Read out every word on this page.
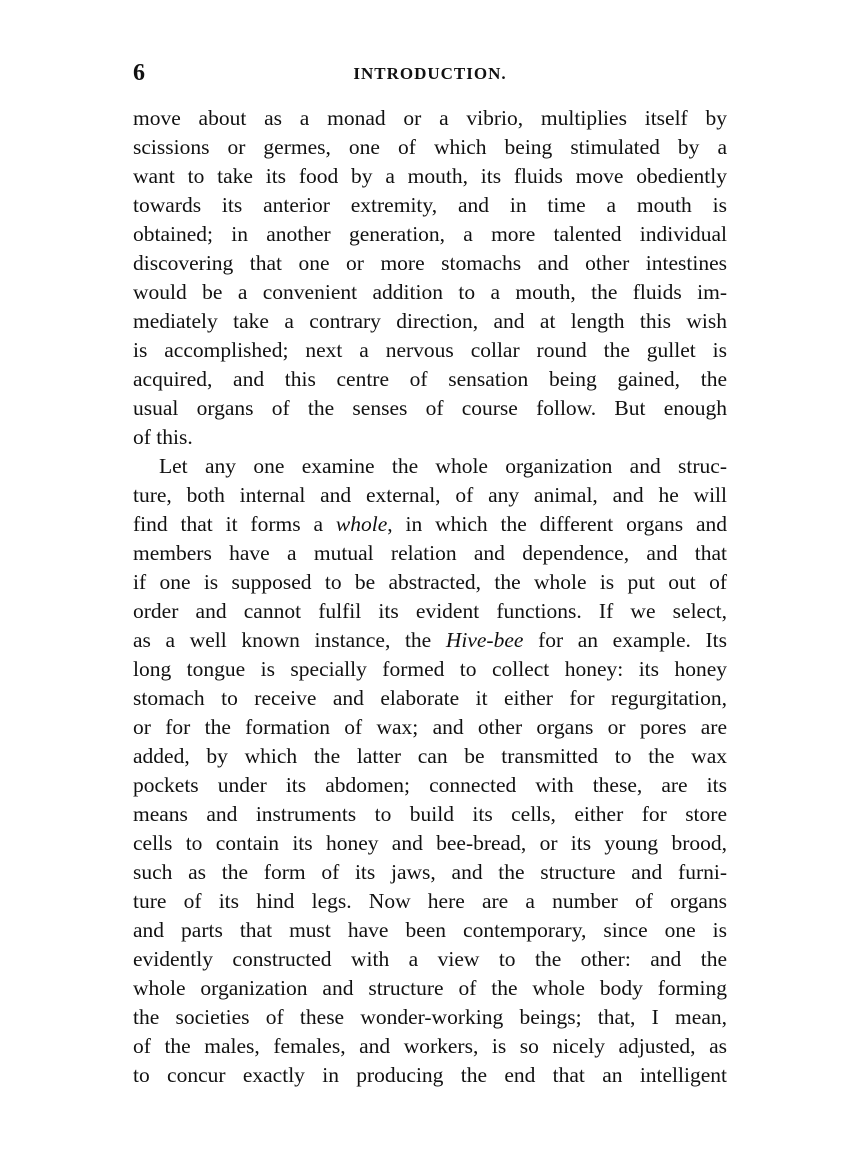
6	INTRODUCTION.
move about as a monad or a vibrio, multiplies itself by
scissions or germes, one of which being stimulated by a
want to take its food by a mouth, its fluids move obediently
towards its anterior extremity, and in time a mouth is
obtained; in another generation, a more talented individual
discovering that one or more stomachs and other intestines
would be a convenient addition to a mouth, the fluids im-
mediately take a contrary direction, and at length this wish
is accomplished; next a nervous collar round the gullet is
acquired, and this centre of sensation being gained, the
usual organs of the senses of course follow. But enough
of this.
Let any one examine the whole organization and struc-
ture, both internal and external, of any animal, and he will
find that it forms a whole, in which the different organs and
members have a mutual relation and dependence, and that
if one is supposed to be abstracted, the whole is put out of
order and cannot fulfil its evident functions. If we select,
as a well known instance, the Hive-bee for an example. Its
long tongue is specially formed to collect honey: its honey
stomach to receive and elaborate it either for regurgitation,
or for the formation of wax; and other organs or pores are
added, by which the latter can be transmitted to the wax
pockets under its abdomen; connected with these, are its
means and instruments to build its cells, either for store
cells to contain its honey and bee-bread, or its young brood,
such as the form of its jaws, and the structure and furni-
ture of its hind legs. Now here are a number of organs
and parts that must have been contemporary, since one is
evidently constructed with a view to the other: and the
whole organization and structure of the whole body forming
the societies of these wonder-working beings; that, I mean,
of the males, females, and workers, is so nicely adjusted, as
to concur exactly in producing the end that an intelligent
